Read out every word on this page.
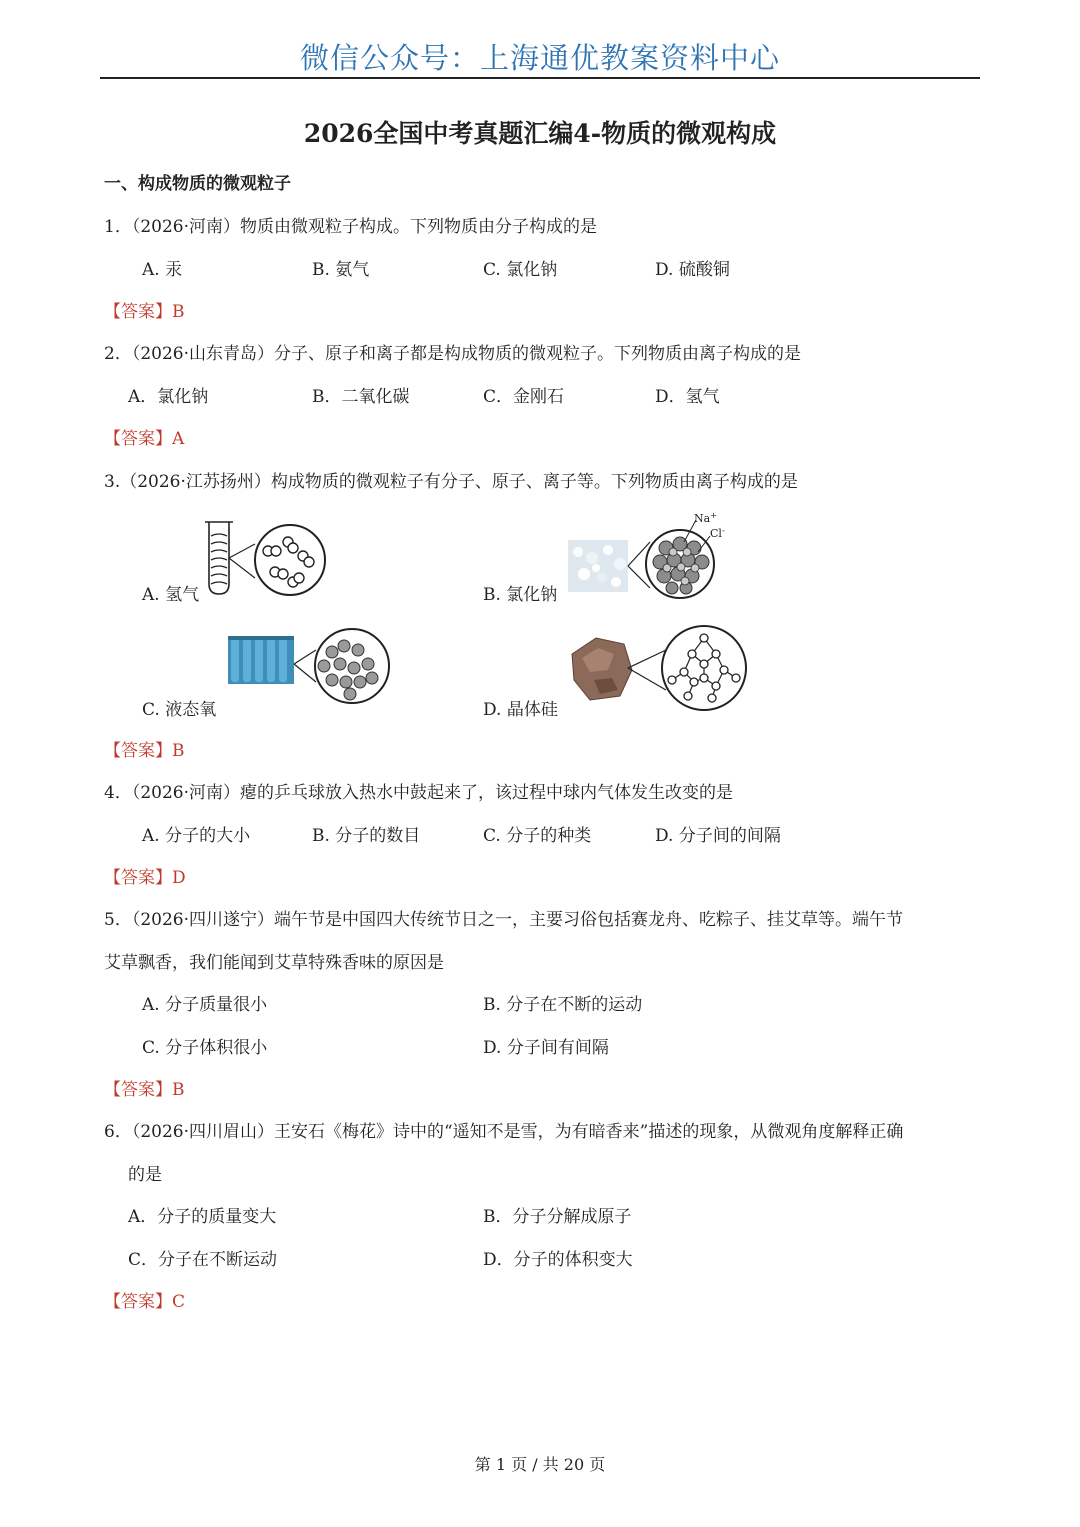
微信公众号：上海通优教案资料中心
2026全国中考真题汇编4-物质的微观构成
一、构成物质的微观粒子
1．（2026·河南）物质由微观粒子构成。下列物质由分子构成的是
A. 汞	B. 氨气	C. 氯化钠	D. 硫酸铜
【答案】B
2．（2026·山东青岛）分子、原子和离子都是构成物质的微观粒子。下列物质由离子构成的是
A．氯化钠	B．二氧化碳	C．金刚石	D．氢气
【答案】A
3.（2026·江苏扬州）构成物质的微观粒子有分子、原子、离子等。下列物质由离子构成的是
A. 氢气
Na+
Cl-
B. 氯化钠
C. 液态氧	D. 晶体硅
【答案】B
4．（2026·河南）瘪的乒乓球放入热水中鼓起来了，该过程中球内气体发生改变的是
A. 分子的大小	B. 分子的数目	C. 分子的种类	D. 分子间的间隔
【答案】D
5．（2026·四川遂宁）端午节是中国四大传统节日之一，主要习俗包括赛龙舟、吃粽子、挂艾草等。端午节
艾草飘香，我们能闻到艾草特殊香味的原因是
A. 分子质量很小	B. 分子在不断的运动
C. 分子体积很小	D. 分子间有间隔
【答案】B
6．（2026·四川眉山）王安石《梅花》诗中的“遥知不是雪，为有暗香来”描述的现象，从微观角度解释正确
的是
A．分子的质量变大	B．分子分解成原子
C．分子在不断运动	D．分子的体积变大
【答案】C
第 1 页 / 共 20 页
